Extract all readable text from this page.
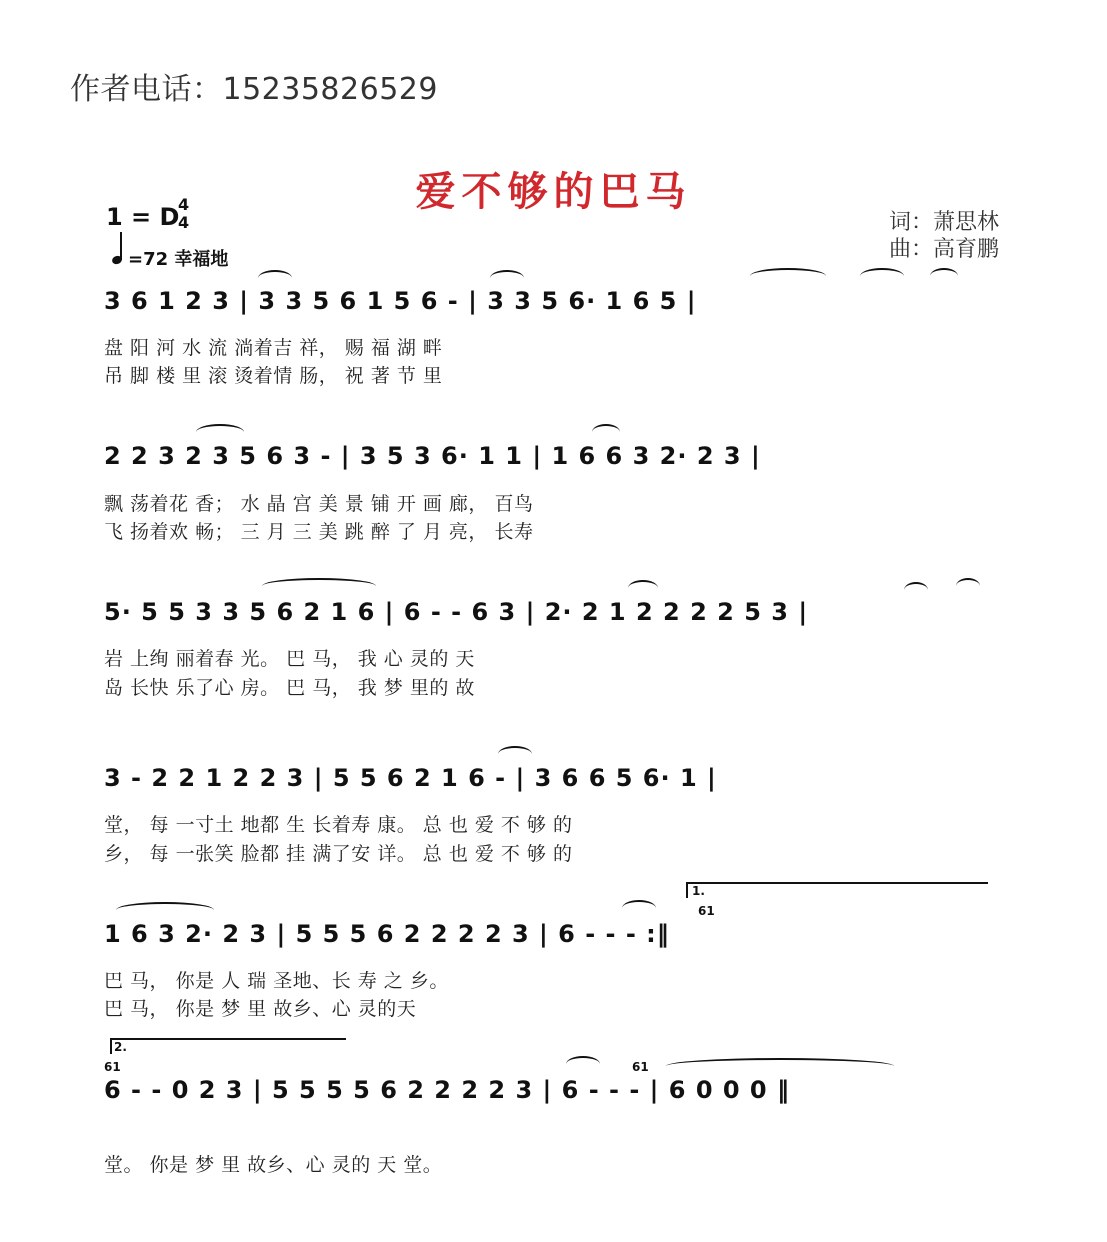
作者电话：15235826529
爱不够的巴马
1 = D
4
4
=72 幸福地
词：萧思林
曲：高育鹏
3 6 1 2 3 | 3 3 5 6 1 5 6 - | 3 3 5 6· 1 6 5 |
盘 阳 河 水 流 淌着吉 祥， 赐 福 湖 畔
吊 脚 楼 里 滚 烫着情 肠， 祝 著 节 里
2 2 3 2 3 5 6 3 - | 3 5 3 6· 1 1 | 1 6 6 3 2· 2 3 |
飘 荡着花 香； 水 晶 宫 美 景 铺 开 画 廊， 百鸟
飞 扬着欢 畅； 三 月 三 美 跳 醉 了 月 亮， 长寿
5· 5 5 3 3 5 6 2 1 6 | 6 - - 6 3 | 2· 2 1 2 2 2 2 5 3 |
岩 上绚 丽着春 光。 巴 马， 我 心 灵的 天
岛 长快 乐了心 房。 巴 马， 我 梦 里的 故
3 - 2 2 1 2 2 3 | 5 5 6 2 1 6 - | 3 6 6 5 6· 1 |
堂， 每 一寸土 地都 生 长着寿 康。 总 也 爱 不 够 的
乡， 每 一张笑 脸都 挂 满了安 详。 总 也 爱 不 够 的
1.
61
1 6 3 2· 2 3 | 5 5 5 6 2 2 2 2 3 | 6 - - - :‖
巴 马， 你是 人 瑞 圣地、长 寿 之 乡。
巴 马， 你是 梦 里 故乡、心 灵的天
2.
61	61
6 - - 0 2 3 | 5 5 5 5 6 2 2 2 2 3 | 6 - - - | 6 0 0 0 ‖
堂。 你是 梦 里 故乡、心 灵的 天 堂。
